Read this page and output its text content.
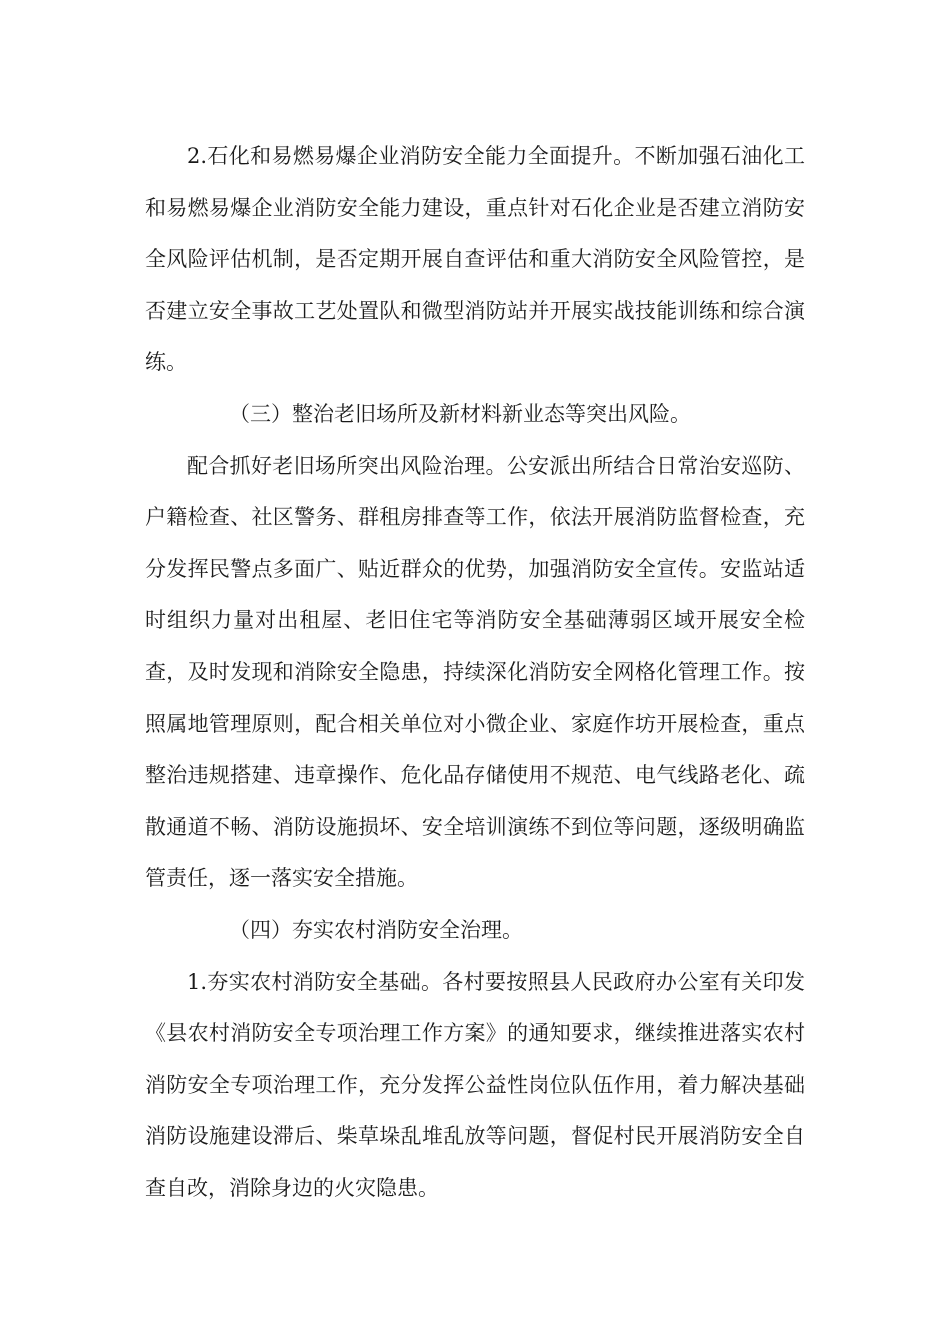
2.石化和易燃易爆企业消防安全能力全面提升。不断加强石油化工和易燃易爆企业消防安全能力建设，重点针对石化企业是否建立消防安全风险评估机制，是否定期开展自查评估和重大消防安全风险管控，是否建立安全事故工艺处置队和微型消防站并开展实战技能训练和综合演练。

（三）整治老旧场所及新材料新业态等突出风险。

配合抓好老旧场所突出风险治理。公安派出所结合日常治安巡防、户籍检查、社区警务、群租房排查等工作，依法开展消防监督检查，充分发挥民警点多面广、贴近群众的优势，加强消防安全宣传。安监站适时组织力量对出租屋、老旧住宅等消防安全基础薄弱区域开展安全检查，及时发现和消除安全隐患，持续深化消防安全网格化管理工作。按照属地管理原则，配合相关单位对小微企业、家庭作坊开展检查，重点整治违规搭建、违章操作、危化品存储使用不规范、电气线路老化、疏散通道不畅、消防设施损坏、安全培训演练不到位等问题，逐级明确监管责任，逐一落实安全措施。

（四）夯实农村消防安全治理。

1.夯实农村消防安全基础。各村要按照县人民政府办公室有关印发《县农村消防安全专项治理工作方案》的通知要求，继续推进落实农村消防安全专项治理工作，充分发挥公益性岗位队伍作用，着力解决基础消防设施建设滞后、柴草垛乱堆乱放等问题，督促村民开展消防安全自查自改，消除身边的火灾隐患。
